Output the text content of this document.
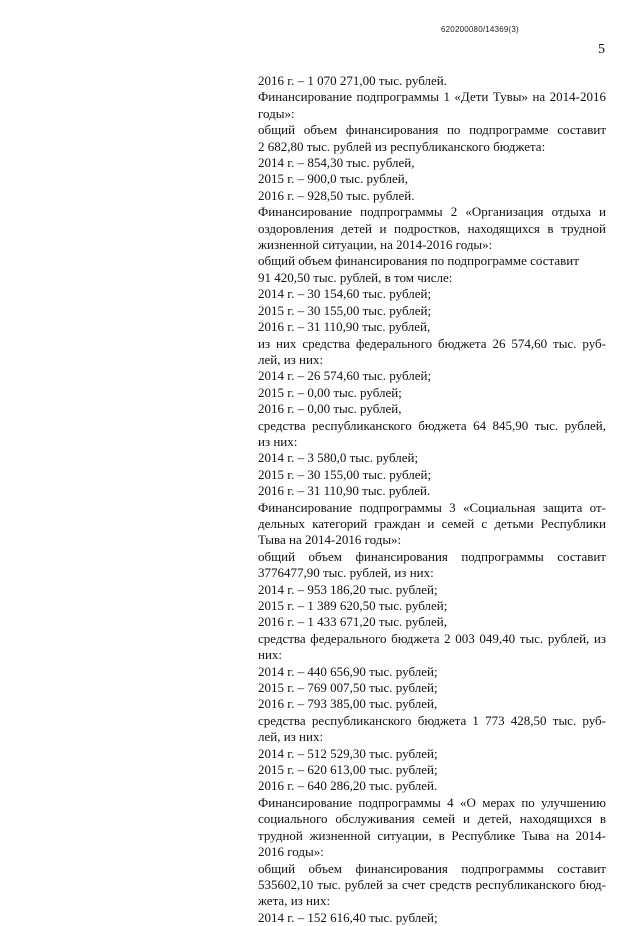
620200080/14369(3)
5

2016 г. – 1 070 271,00 тыс. рублей.

Финансирование подпрограммы 1 «Дети Тувы» на 2014-2016

годы»:

общий объем финансирования по подпрограмме составит

2 682,80 тыс. рублей из республиканского бюджета:

2014 г. – 854,30 тыс. рублей,

2015 г. – 900,0 тыс. рублей,

2016 г. – 928,50 тыс. рублей.

Финансирование подпрограммы 2 «Организация отдыха и

оздоровления детей и подростков, находящихся в трудной

жизненной ситуации, на 2014-2016 годы»:

общий объем финансирования по подпрограмме составит

91 420,50 тыс. рублей, в том числе:

2014 г. – 30 154,60 тыс. рублей;

2015 г. – 30 155,00 тыс. рублей;

2016 г. – 31 110,90 тыс. рублей,

из них средства федерального бюджета 26 574,60 тыс. руб-

лей, из них:

2014 г. – 26 574,60 тыс. рублей;

2015 г. – 0,00 тыс. рублей;

2016 г. – 0,00 тыс. рублей,

средства республиканского бюджета 64 845,90 тыс. рублей,

из них:

2014 г. – 3 580,0 тыс. рублей;

2015 г. – 30 155,00 тыс. рублей;

2016 г. – 31 110,90 тыс. рублей.

Финансирование подпрограммы 3 «Социальная защита от-

дельных категорий граждан и семей с детьми Республики

Тыва на 2014-2016 годы»:

общий объем финансирования подпрограммы составит

3776477,90 тыс. рублей, из них:

2014 г. – 953 186,20 тыс. рублей;

2015 г. – 1 389 620,50 тыс. рублей;

2016 г. – 1 433 671,20 тыс. рублей,

средства федерального бюджета 2 003 049,40 тыс. рублей, из

них:

2014 г. – 440 656,90 тыс. рублей;

2015 г. – 769 007,50 тыс. рублей;

2016 г. – 793 385,00 тыс. рублей,

средства республиканского бюджета 1 773 428,50 тыс. руб-

лей, из них:

2014 г. – 512 529,30 тыс. рублей;

2015 г. – 620 613,00 тыс. рублей;

2016 г. – 640 286,20 тыс. рублей.

Финансирование подпрограммы 4 «О мерах по улучшению

социального обслуживания семей и детей, находящихся в

трудной жизненной ситуации, в Республике Тыва на 2014-

2016 годы»:

общий объем финансирования подпрограммы составит

535602,10 тыс. рублей за счет средств республиканского бюд-

жета, из них:

2014 г. – 152 616,40 тыс. рублей;
